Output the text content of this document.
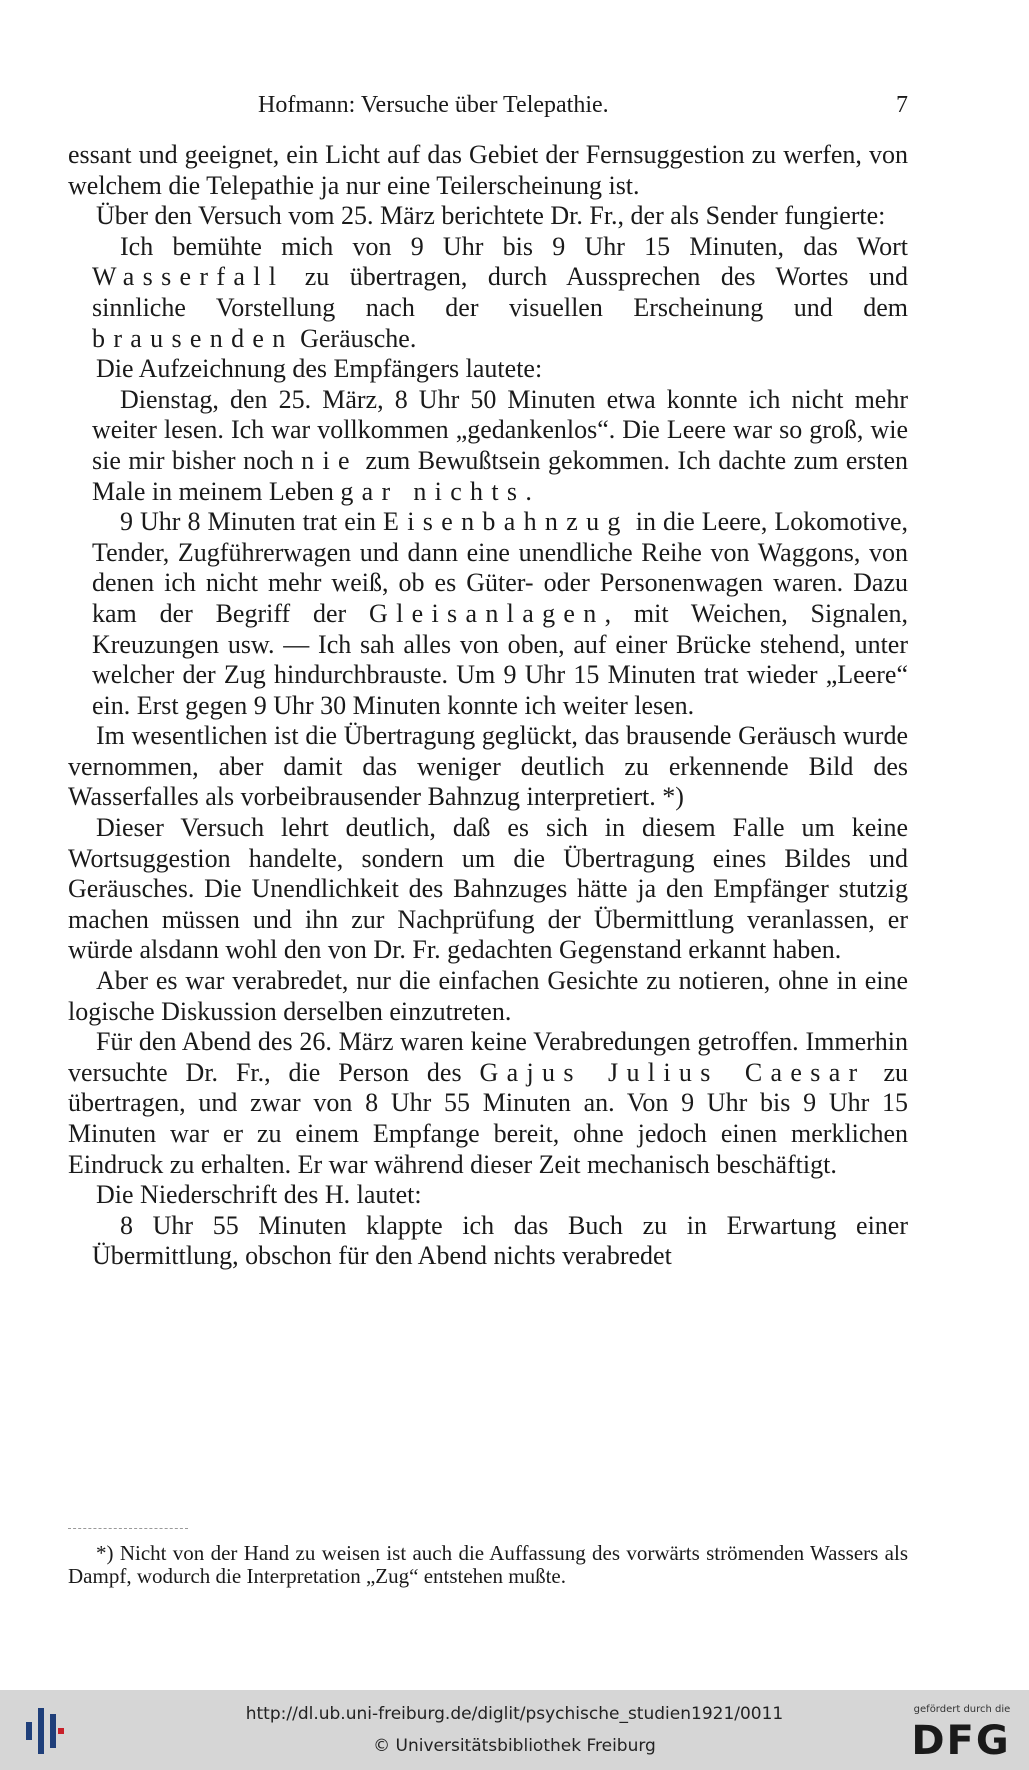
Hofmann: Versuche über Telepathie.	7

essant und geeignet, ein Licht auf das Gebiet der Fernsuggestion zu werfen, von welchem die Telepathie ja nur eine Teilerscheinung ist.

Über den Versuch vom 25. März berichtete Dr. Fr., der als Sender fungierte:

Ich bemühte mich von 9 Uhr bis 9 Uhr 15 Minuten, das Wort Wasserfall zu übertragen, durch Aussprechen des Wortes und sinnliche Vorstellung nach der visuellen Erscheinung und dem brausenden Geräusche.

Die Aufzeichnung des Empfängers lautete:

Dienstag, den 25. März, 8 Uhr 50 Minuten etwa konnte ich nicht mehr weiter lesen. Ich war vollkommen „gedankenlos“. Die Leere war so groß, wie sie mir bisher noch nie zum Bewußtsein gekommen. Ich dachte zum ersten Male in meinem Leben gar nichts.

9 Uhr 8 Minuten trat ein Eisenbahnzug in die Leere, Lokomotive, Tender, Zugführerwagen und dann eine unendliche Reihe von Waggons, von denen ich nicht mehr weiß, ob es Güter- oder Personenwagen waren. Dazu kam der Begriff der Gleisanlagen, mit Weichen, Signalen, Kreuzungen usw. — Ich sah alles von oben, auf einer Brücke stehend, unter welcher der Zug hindurchbrauste. Um 9 Uhr 15 Minuten trat wieder „Leere“ ein. Erst gegen 9 Uhr 30 Minuten konnte ich weiter lesen.

Im wesentlichen ist die Übertragung geglückt, das brausende Geräusch wurde vernommen, aber damit das weniger deutlich zu erkennende Bild des Wasserfalles als vorbeibrausender Bahnzug interpretiert. *)

Dieser Versuch lehrt deutlich, daß es sich in diesem Falle um keine Wortsuggestion handelte, sondern um die Übertragung eines Bildes und Geräusches. Die Unendlichkeit des Bahnzuges hätte ja den Empfänger stutzig machen müssen und ihn zur Nachprüfung der Übermittlung veranlassen, er würde alsdann wohl den von Dr. Fr. gedachten Gegenstand erkannt haben.

Aber es war verabredet, nur die einfachen Gesichte zu notieren, ohne in eine logische Diskussion derselben einzutreten.

Für den Abend des 26. März waren keine Verabredungen getroffen. Immerhin versuchte Dr. Fr., die Person des Gajus Julius Caesar zu übertragen, und zwar von 8 Uhr 55 Minuten an. Von 9 Uhr bis 9 Uhr 15 Minuten war er zu einem Empfange bereit, ohne jedoch einen merklichen Eindruck zu erhalten. Er war während dieser Zeit mechanisch beschäftigt.

Die Niederschrift des H. lautet:

8 Uhr 55 Minuten klappte ich das Buch zu in Erwartung einer Übermittlung, obschon für den Abend nichts verabredet

*) Nicht von der Hand zu weisen ist auch die Auffassung des vorwärts strömenden Wassers als Dampf, wodurch die Interpretation „Zug“ entstehen mußte.

http://dl.ub.uni-freiburg.de/diglit/psychische_studien1921/0011
© Universitätsbibliothek Freiburg
gefördert durch die
DFG
